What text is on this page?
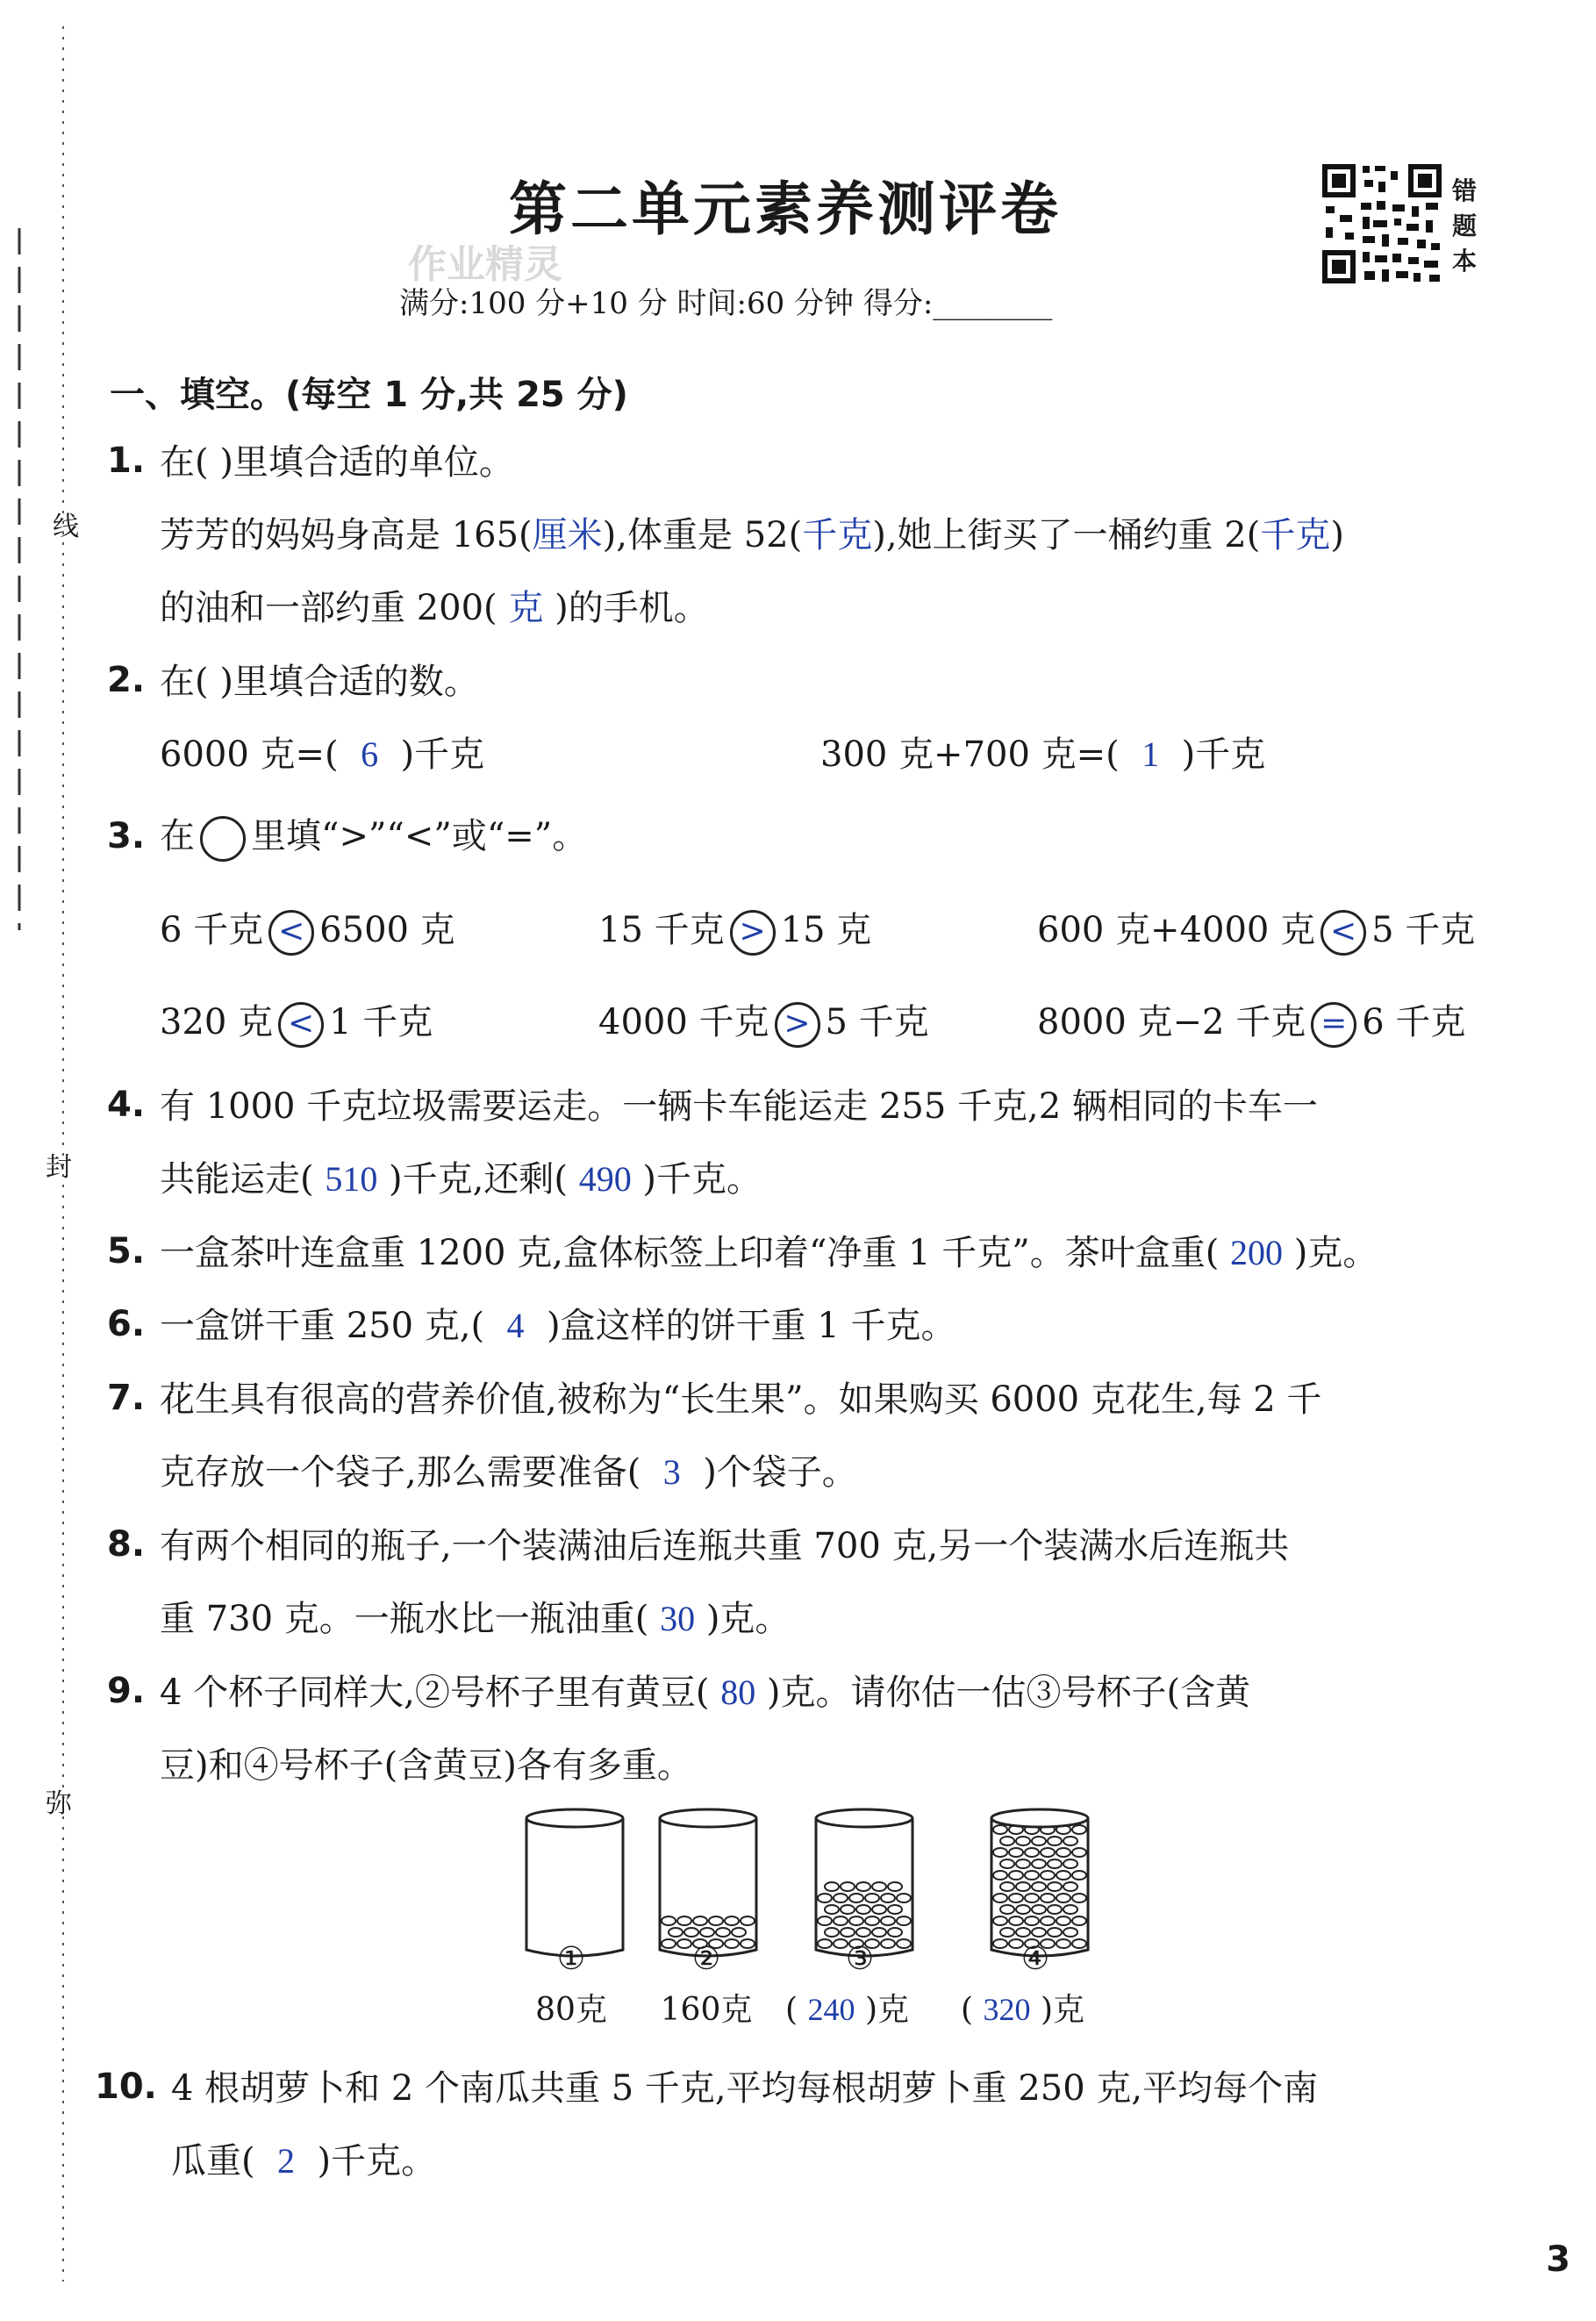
线
封
弥
第二单元素养测评卷
作业精灵
满分:100 分+10 分 时间:60 分钟 得分:________
错
题
本
一、填空。(每空 1 分,共 25 分)
1. 在( )里填合适的单位。
芳芳的妈妈身高是 165(厘米),体重是 52(千克),她上街买了一桶约重 2(千克)
的油和一部约重 200( 克 )的手机。
2. 在( )里填合适的数。
6000 克=( 6 )千克	300 克+700 克=( 1 )千克
3. 在 里填“>”“<”或“=”。
6 千克 < 6500 克	15 千克 > 15 克	600 克+4000 克 < 5 千克
320 克 < 1 千克	4000 千克 > 5 千克	8000 克−2 千克 = 6 千克
4. 有 1000 千克垃圾需要运走。一辆卡车能运走 255 千克,2 辆相同的卡车一
共能运走( 510 )千克,还剩( 490 )千克。
5. 一盒茶叶连盒重 1200 克,盒体标签上印着“净重 1 千克”。茶叶盒重( 200 )克。
6. 一盒饼干重 250 克,( 4 )盒这样的饼干重 1 千克。
7. 花生具有很高的营养价值,被称为“长生果”。如果购买 6000 克花生,每 2 千
克存放一个袋子,那么需要准备( 3 )个袋子。
8. 有两个相同的瓶子,一个装满油后连瓶共重 700 克,另一个装满水后连瓶共
重 730 克。一瓶水比一瓶油重( 30 )克。
9. 4 个杯子同样大,②号杯子里有黄豆( 80 )克。请你估一估③号杯子(含黄
豆)和④号杯子(含黄豆)各有多重。
①	②	③	④
80克	160克 ( 240 )克 ( 320 )克
10. 4 根胡萝卜和 2 个南瓜共重 5 千克,平均每根胡萝卜重 250 克,平均每个南
瓜重( 2 )千克。
3
